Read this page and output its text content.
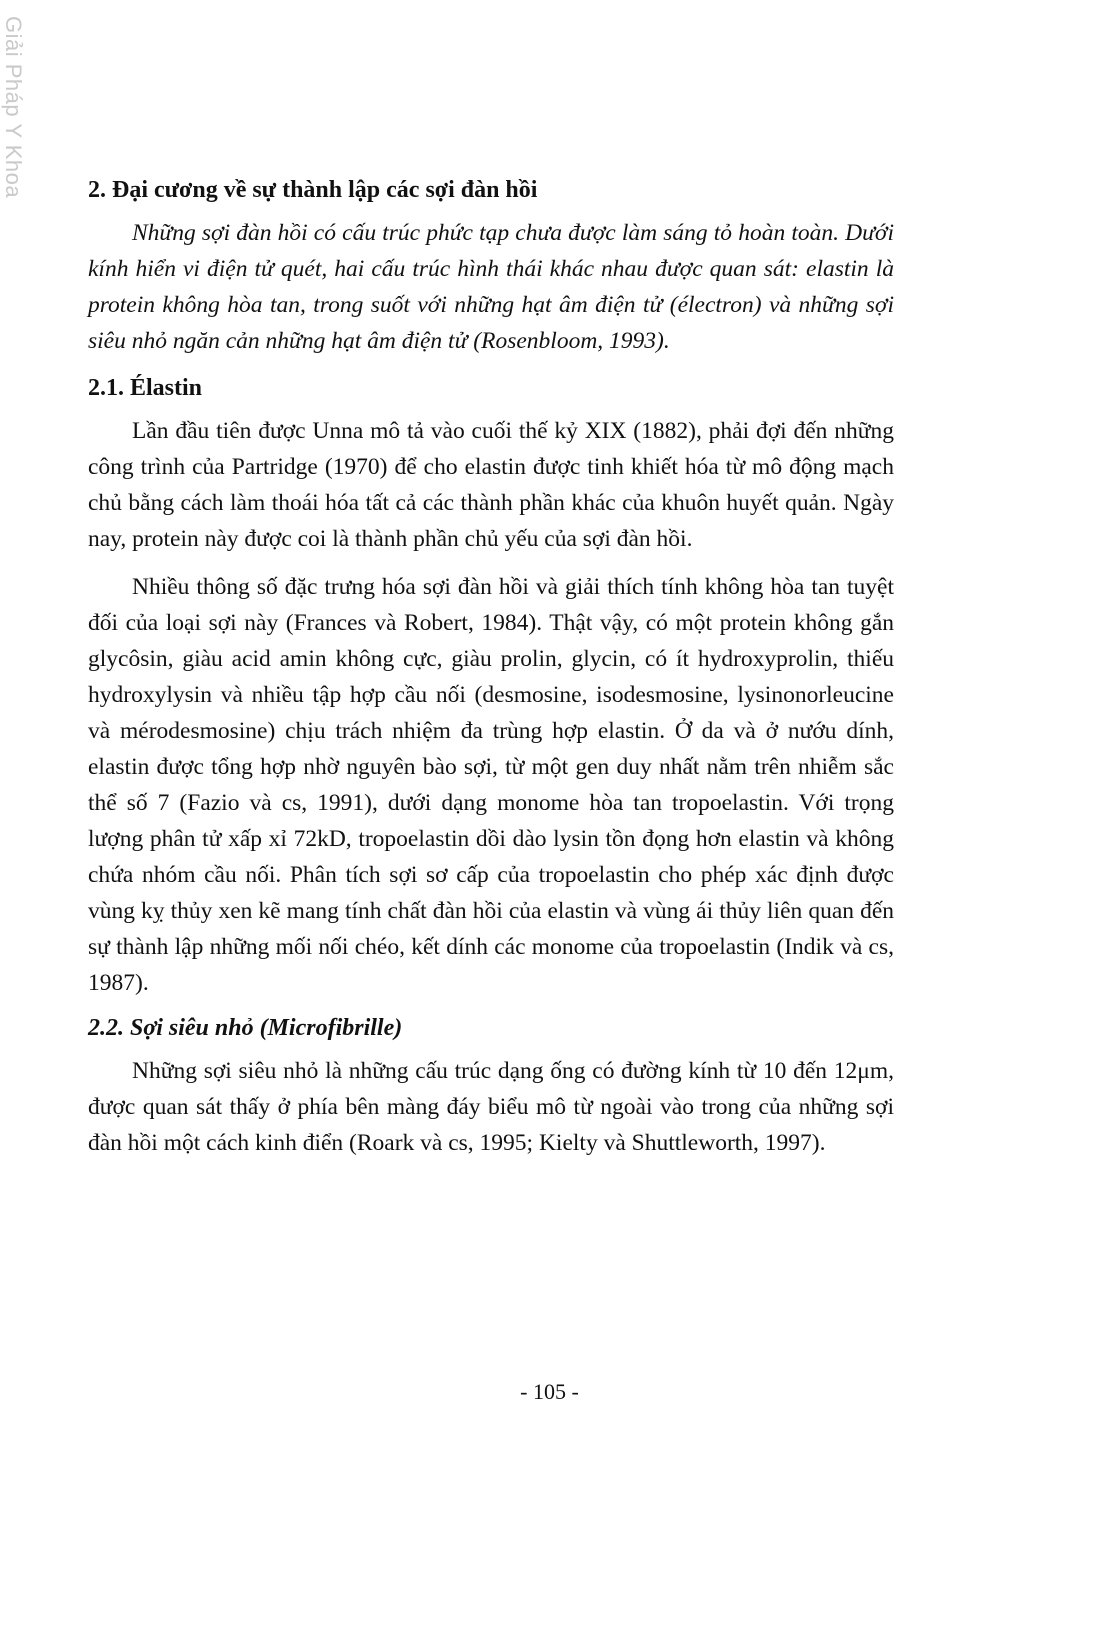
Giải Pháp Y Khoa	2. Đại cương về sự thành lập các sợi đàn hồi

Những sợi đàn hồi có cấu trúc phức tạp chưa được làm sáng tỏ hoàn toàn. Dưới kính hiển vi điện tử quét, hai cấu trúc hình thái khác nhau được quan sát: elastin là protein không hòa tan, trong suốt với những hạt âm điện tử (électron) và những sợi siêu nhỏ ngăn cản những hạt âm điện tử (Rosenbloom, 1993).

2.1. Élastin

Lần đầu tiên được Unna mô tả vào cuối thế kỷ XIX (1882), phải đợi đến những công trình của Partridge (1970) để cho elastin được tinh khiết hóa từ mô động mạch chủ bằng cách làm thoái hóa tất cả các thành phần khác của khuôn huyết quản. Ngày nay, protein này được coi là thành phần chủ yếu của sợi đàn hồi.

Nhiều thông số đặc trưng hóa sợi đàn hồi và giải thích tính không hòa tan tuyệt đối của loại sợi này (Frances và Robert, 1984). Thật vậy, có một protein không gắn glycôsin, giàu acid amin không cực, giàu prolin, glycin, có ít hydroxyprolin, thiếu hydroxylysin và nhiều tập hợp cầu nối (desmosine, isodesmosine, lysinonorleucine và mérodesmosine) chịu trách nhiệm đa trùng hợp elastin. Ở da và ở nướu dính, elastin được tổng hợp nhờ nguyên bào sợi, từ một gen duy nhất nằm trên nhiễm sắc thể số 7 (Fazio và cs, 1991), dưới dạng monome hòa tan tropoelastin. Với trọng lượng phân tử xấp xỉ 72kD, tropoelastin dồi dào lysin tồn đọng hơn elastin và không chứa nhóm cầu nối. Phân tích sợi sơ cấp của tropoelastin cho phép xác định được vùng kỵ thủy xen kẽ mang tính chất đàn hồi của elastin và vùng ái thủy liên quan đến sự thành lập những mối nối chéo, kết dính các monome của tropoelastin (Indik và cs, 1987).

2.2. Sợi siêu nhỏ (Microfibrille)

Những sợi siêu nhỏ là những cấu trúc dạng ống có đường kính từ 10 đến 12μm, được quan sát thấy ở phía bên màng đáy biểu mô từ ngoài vào trong của những sợi đàn hồi một cách kinh điển (Roark và cs, 1995; Kielty và Shuttleworth, 1997).

- 105 -
